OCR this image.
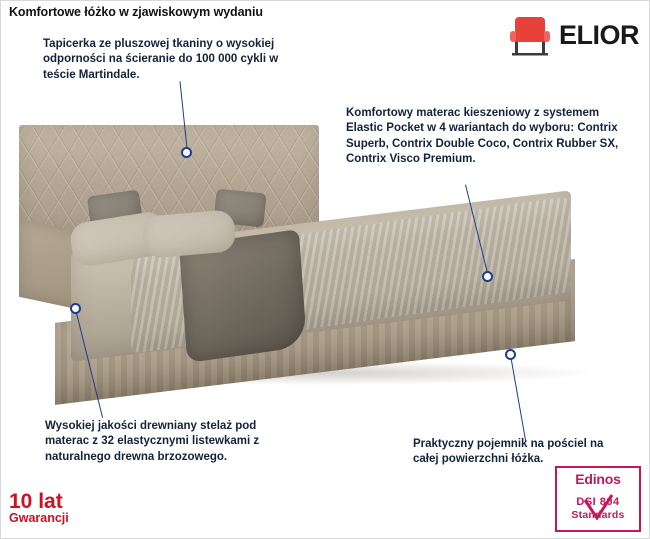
Komfortowe łóżko w zjawiskowym wydaniu
ELIOR
Tapicerka ze pluszowej tkaniny o wysokiej odporności na ścieranie do 100 000 cykli w teście Martindale.
Komfortowy materac kieszeniowy z systemem Elastic Pocket w 4 wariantach do wyboru: Contrix Superb, Contrix Double Coco, Contrix Rubber SX, Contrix Visco Premium.
Wysokiej jakości drewniany stelaż pod materac z 32 elastycznymi listewkami z naturalnego drewna brzozowego.
Praktyczny pojemnik na pościel na całej powierzchni łóżka.
10 lat
Gwarancji
Edinos
DSI 804
Standards
